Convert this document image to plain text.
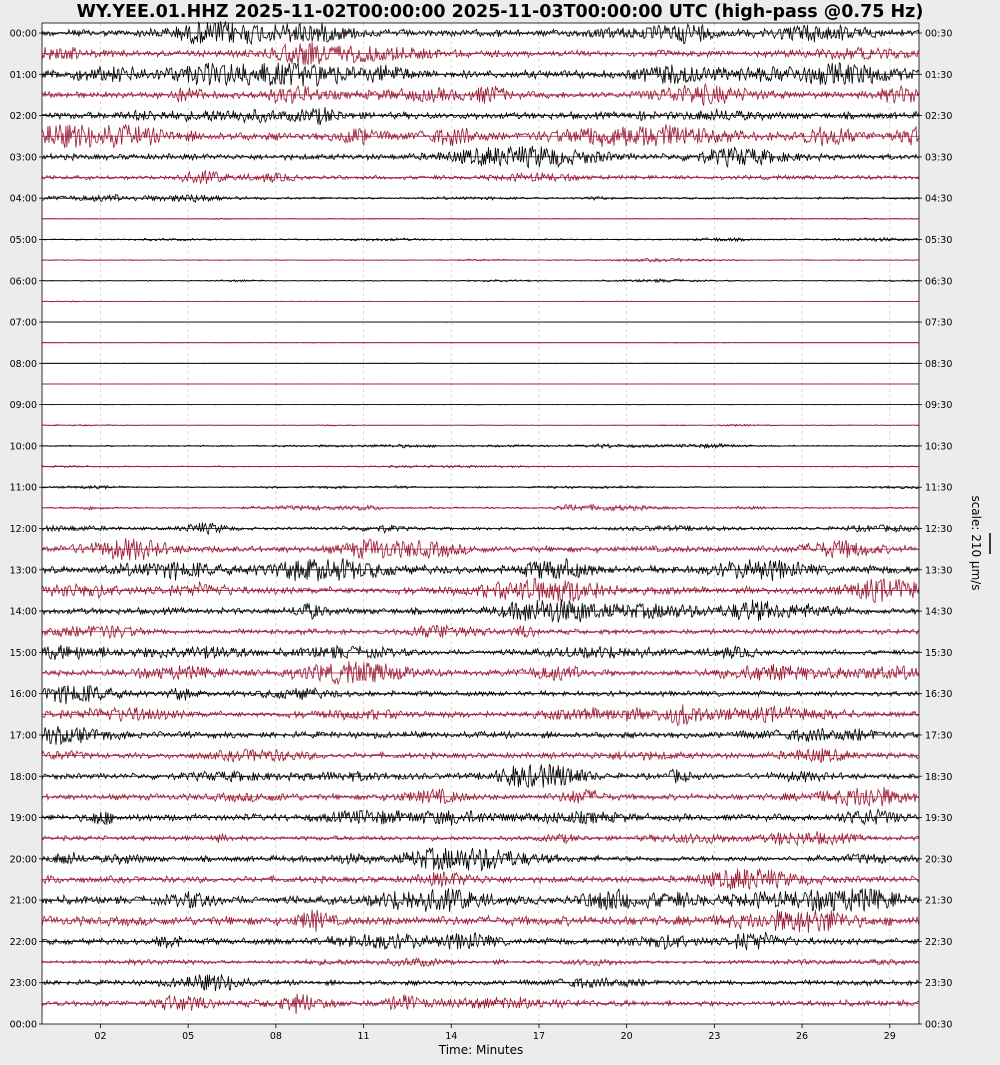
WY.YEE.01.HHZ 2025-11-02T00:00:00 2025-11-03T00:00:00 UTC (high-pass @0.75 Hz)
00:00
01:00
02:00
03:00
04:00
05:00
06:00
07:00
08:00
09:00
10:00
11:00
12:00
13:00
14:00
15:00
16:00
17:00
18:00
19:00
20:00
21:00
22:00
23:00
00:00
00:30
01:30
02:30
03:30
04:30
05:30
06:30
07:30
08:30
09:30
10:30
11:30
12:30
13:30
14:30
15:30
16:30
17:30
18:30
19:30
20:30
21:30
22:30
23:30
00:30
02	05	08	11	14	17	20	23	26	29
Time: Minutes
scale: 210 µm/s
